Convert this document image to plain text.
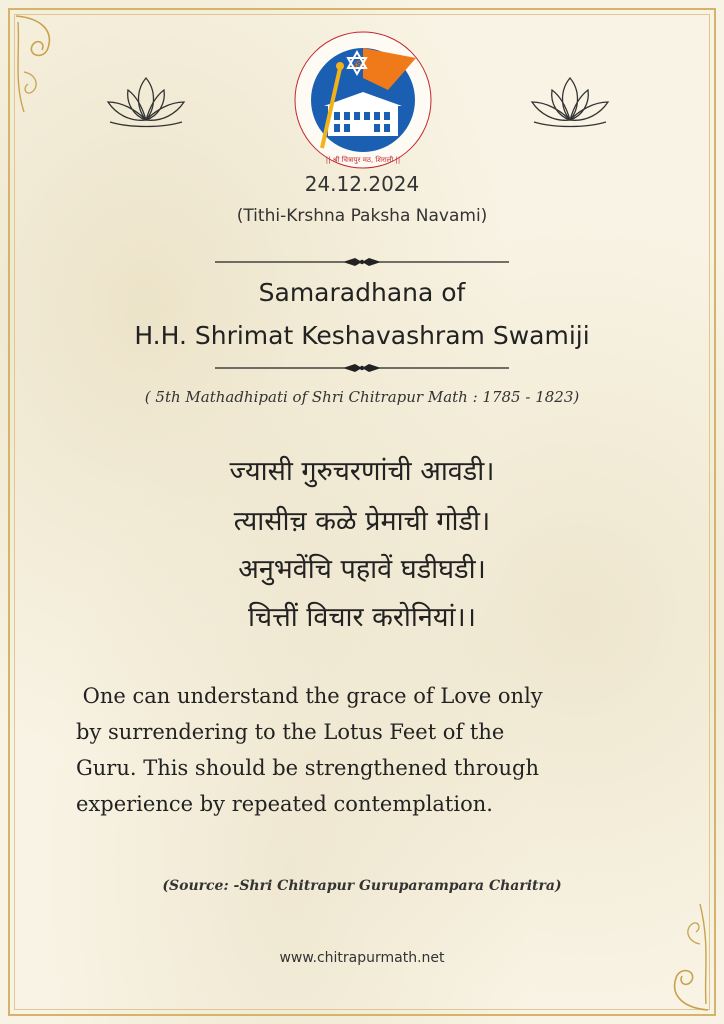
ॐ
|| श्री चित्रापुर मठ, शिराली ||
24.12.2024
(Tithi-Krshna Paksha Navami)
Samaradhana of
H.H. Shrimat Keshavashram Swamiji
( 5th Mathadhipati of Shri Chitrapur Math : 1785 - 1823)
ज्यासी गुरुचरणांची आवडी।
त्यासीच़ कळे प्रेमाची गोडी।
अनुभवेंचि पहावें घडीघडी।
चित्तीं विचार करोनियां।।
One can understand the grace of Love only
by surrendering to the Lotus Feet of the
Guru. This should be strengthened through
experience by repeated contemplation.
(Source: -Shri Chitrapur Guruparampara Charitra)
www.chitrapurmath.net
